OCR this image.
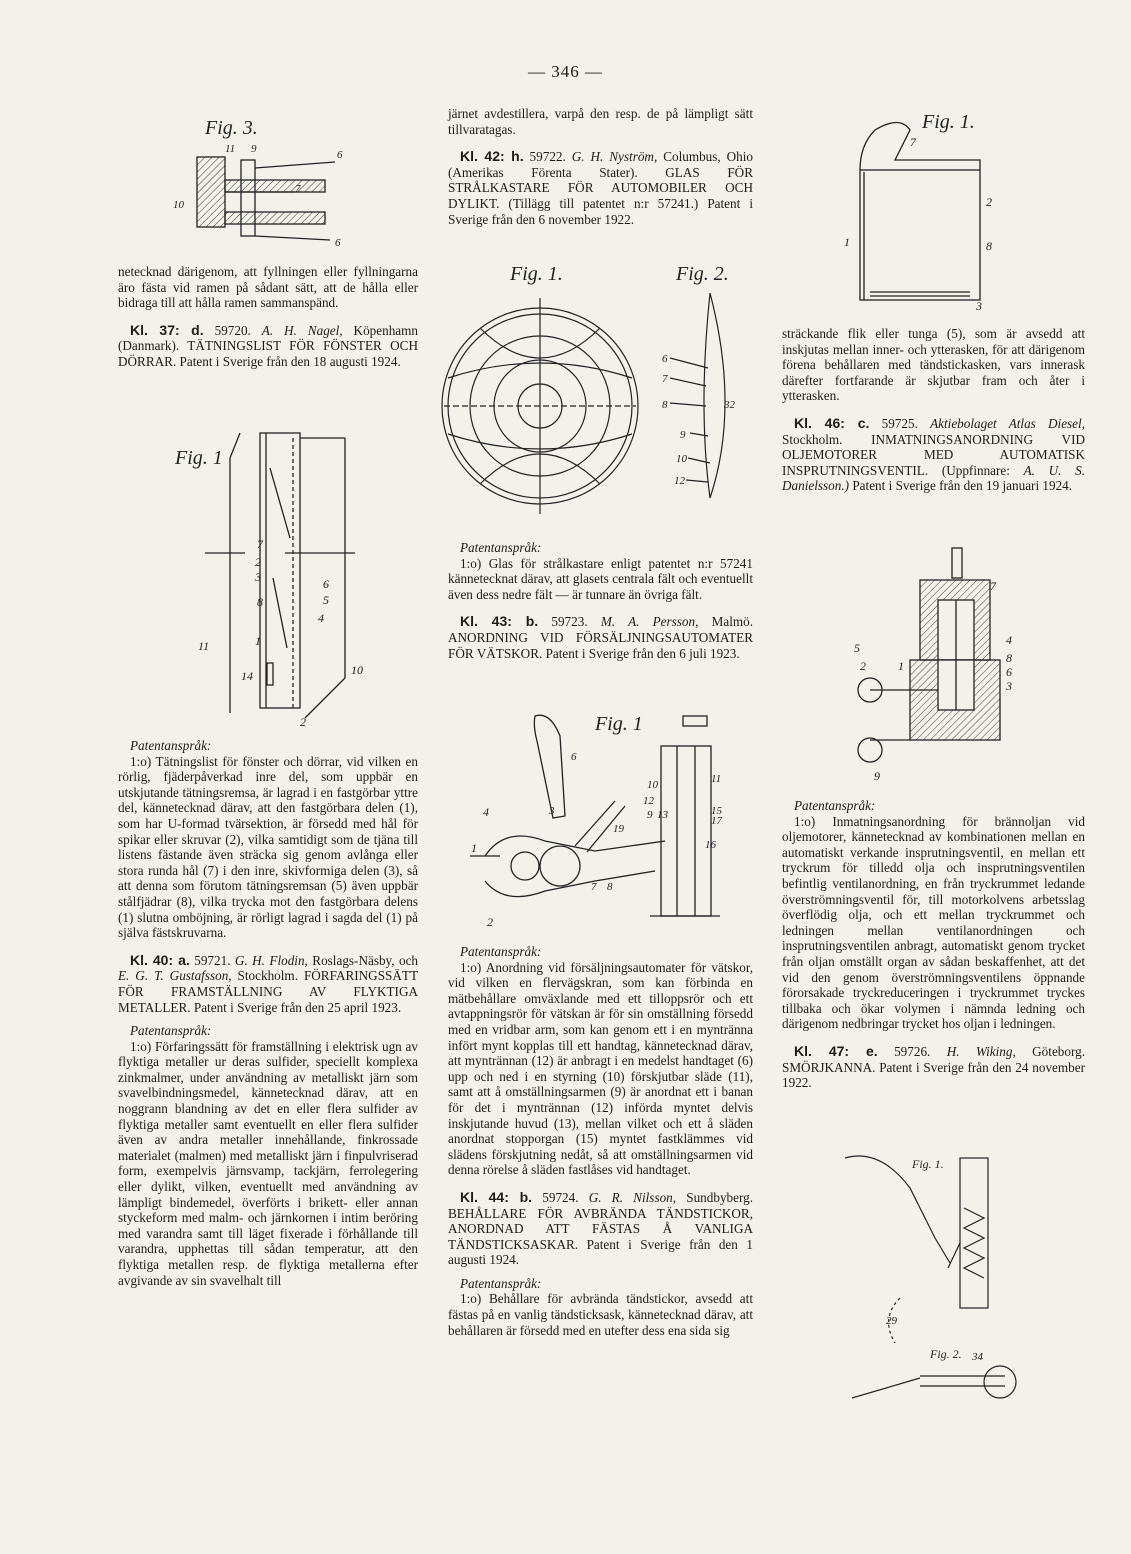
— 346 —
Fig. 3.
11 9	6
10
6

netecknad därigenom, att fyllningen eller fyllningarna äro fästa vid ramen på sådant sätt, att de hålla eller bidraga till att hålla ramen sammanspänd.

Kl. 37: d. 59720. A. H. Nagel, Köpenhamn (Danmark). TÄTNINGSLIST FÖR FÖNSTER OCH DÖRRAR. Patent i Sverige från den 18 augusti 1924.

Fig. 1
7
2
3	6
8	5
4
11	1
14	10
2
Patentanspråk:

1:o) Tätningslist för fönster och dörrar, vid vilken en rörlig, fjäderpåverkad inre del, som uppbär en utskjutande tätningsremsa, är lagrad i en fastgörbar yttre del, kännetecknad därav, att den fastgörbara delen (1), som har U-formad tvärsektion, är försedd med hål för spikar eller skruvar (2), vilka samtidigt som de tjäna till listens fästande även sträcka sig genom avlånga eller stora runda hål (7) i den inre, skivformiga delen (3), så att denna som förutom tätningsremsan (5) även uppbär stålfjädrar (8), vilka trycka mot den fastgörbara delens (1) slutna omböjning, är rörligt lagrad i sagda del (1) på själva fästskruvarna.

Kl. 40: a. 59721. G. H. Flodin, Roslags-Näsby, och E. G. T. Gustafsson, Stockholm. FÖRFARINGSSÄTT FÖR FRAMSTÄLLNING AV FLYKTIGA METALLER. Patent i Sverige från den 25 april 1923.

Patentanspråk:

1:o) Förfaringssätt för framställning i elektrisk ugn av flyktiga metaller ur deras sulfider, speciellt komplexa zinkmalmer, under användning av metalliskt järn som svavelbindningsmedel, kännetecknad därav, att en noggrann blandning av det en eller flera sulfider av flyktiga metaller samt eventuellt en eller flera sulfider även av andra metaller innehållande, finkrossade materialet (malmen) med metalliskt järn i finpulvriserad form, exempelvis järnsvamp, tackjärn, ferrolegering eller dylikt, vilken, eventuellt med användning av lämpligt bindemedel, överförts i brikett- eller annan styckeform med malm- och järnkornen i intim beröring med varandra samt till läget fixerade i förhållande till varandra, upphettas till sådan temperatur, att den flyktiga metallen resp. de flyktiga metallerna efter avgivande av sin svavelhalt till

järnet avdestillera, varpå den resp. de på lämpligt sätt tillvaratagas.

Kl. 42: h. 59722. G. H. Nyström, Columbus, Ohio (Amerikas Förenta Stater). GLAS FÖR STRÅLKASTARE FÖR AUTOMOBILER OCH DYLIKT. (Tillägg till patentet n:r 57241.) Patent i Sverige från den 6 november 1922.

Fig. 1.	Fig. 2.
6
7
8	32
9
10
12
Patentanspråk:

1:o) Glas för strålkastare enligt patentet n:r 57241 kännetecknat därav, att glasets centrala fält och eventuellt även dess nedre fält — är tunnare än övriga fält.

Kl. 43: b. 59723. M. A. Persson, Malmö. ANORDNING VID FÖRSÄLJNINGSAUTOMATER FÖR VÄTSKOR. Patent i Sverige från den 6 juli 1923.

Fig. 1
6
10	11
12
15
9 13	17
4	3
19
16
1
7 8
2
Patentanspråk:

1:o) Anordning vid försäljningsautomater för vätskor, vid vilken en flervägskran, som kan förbinda en mätbehållare omväxlande med ett tilloppsrör och ett avtappningsrör för vätskan är för sin omställning försedd med en vridbar arm, som kan genom ett i en myntränna infört mynt kopplas till ett handtag, kännetecknad därav, att myntrännan (12) är anbragt i en medelst handtaget (6) upp och ned i en styrning (10) förskjutbar släde (11), samt att å omställningsarmen (9) är anordnat ett i banan för det i myntrännan (12) införda myntet delvis inskjutande huvud (13), mellan vilket och ett å släden anordnat stopporgan (15) myntet fastklämmes vid slädens förskjutning nedåt, så att omställningsarmen vid denna rörelse å släden fastlåses vid handtaget.

Kl. 44: b. 59724. G. R. Nilsson, Sundbyberg. BEHÅLLARE FÖR AVBRÄNDA TÄNDSTICKOR, ANORDNAD ATT FÄSTAS Å VANLIGA TÄNDSTICKSASKAR. Patent i Sverige från den 1 augusti 1924.

Patentanspråk:

1:o) Behållare för avbrända tändstickor, avsedd att fästas på en vanlig tändsticksask, kännetecknad därav, att behållaren är försedd med en utefter dess ena sida sig

Fig. 1.
7
2
1	8
3

sträckande flik eller tunga (5), som är avsedd att inskjutas mellan inner- och ytterasken, för att därigenom förena behållaren med tändstickasken, vars innerask därefter fortfarande är skjutbar fram och åter i ytterasken.

Kl. 46: c. 59725. Aktiebolaget Atlas Diesel, Stockholm. INMATNINGSANORDNING VID OLJEMOTORER MED AUTOMATISK INSPRUTNINGSVENTIL. (Uppfinnare: A. U. S. Danielsson.) Patent i Sverige från den 19 januari 1924.

7
5
4
8
6
3
2	1
9
Patentanspråk:

1:o) Inmatningsanordning för brännoljan vid oljemotorer, kännetecknad av kombinationen mellan en automatiskt verkande insprutningsventil, en mellan ett tryckrum för tilledd olja och insprutningsventilen befintlig ventilanordning, en från tryckrummet ledande överströmningsventil för, till motorkolvens arbetsslag överflödig olja, och ett mellan tryckrummet och ledningen mellan ventilanordningen och insprutningsventilen anbragt, automatiskt genom trycket från oljan omställt organ av sådan beskaffenhet, att det vid den genom överströmningsventilens öppnande förorsakade tryckreduceringen i tryckrummet tryckes tillbaka och ökar volymen i nämnda ledning och därigenom nedbringar trycket hos oljan i ledningen.

Kl. 47: e. 59726. H. Wiking, Göteborg. SMÖRJKANNA. Patent i Sverige från den 24 november 1922.

Fig. 1.
29
Fig. 2. 34
